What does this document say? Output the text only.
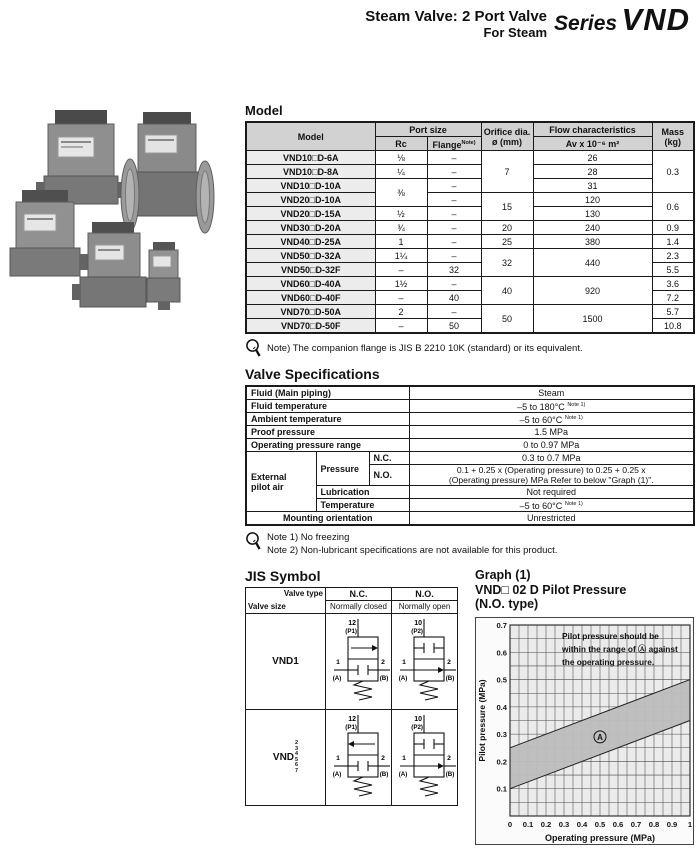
Steam Valve: 2 Port Valve
For Steam Series VND
Model
Model	Port size		Orifice dia.
ø (mm)	Flow characteristics	Mass (kg)
	Rc	Flange$^{Note)}$		Av x 10⁻⁶ m²	
VND10□D-6A	⅛	–	7	26	0.3
VND10□D-8A	¼	–		28	
VND10□D-10A	⅜	–		31	
VND20□D-10A		–	15	120	0.6
VND20□D-15A	½	–		130	
VND30□D-20A	¾	–	20	240	0.9
VND40□D-25A	1	–	25	380	1.4
VND50□D-32A	1¼	–	32	440	2.3
VND50□D-32F	–	32			5.5
VND60□D-40A	1½	–	40	920	3.6
VND60□D-40F	–	40			7.2
VND70□D-50A	2	–	50	1500	5.7
VND70□D-50F	–	50			10.8
Note) The companion flange is JIS B 2210 10K (standard) or its equivalent.
Valve Specifications
Fluid (Main piping)			Steam
Fluid temperature			–5 to 180°C $^{Note 1)}$
Ambient temperature			–5 to 60°C $^{Note 1)}$
Proof pressure			1.5 MPa
Operating pressure range			0 to 0.97 MPa
External
pilot air	Pressure	N.C.	0.3 to 0.7 MPa
		N.O.	0.1 + 0.25 x (Operating pressure) to 0.25 + 0.25 x
(Operating pressure) MPa Refer to below "Graph (1)".
	Lubrication		Not required
	Temperature		–5 to 60°C $^{Note 1)}$
Mounting orientation			Unrestricted
Note 1) No freezing
Note 2) Non-lubricant specifications are not available for this product.
JIS Symbol
Valve type
Valve size	N.C.	N.O.
	Normally closed	Normally open
VND1	
12
(P1)
1
(A)
2
(B)

10
(P2)
1
(A)
2
(B)

VND
2
3
4
5
6
7

12
(P1)
1
(A)
2
(B)

10
(P2)
1
(A)
2
(B)

Graph (1)

VND□ 02 D Pilot Pressure

(N.O. type)

Pilot pressure should be
within the range of Ⓐ against
the operating pressure.
A
0.1
0.2
0.3
0.4
0.5
0.6
0.7
0 0.1 0.2 0.3 0.4 0.5 0.6 0.7 0.8 0.9 1
Operating pressure (MPa)
Pilot pressure (MPa)
